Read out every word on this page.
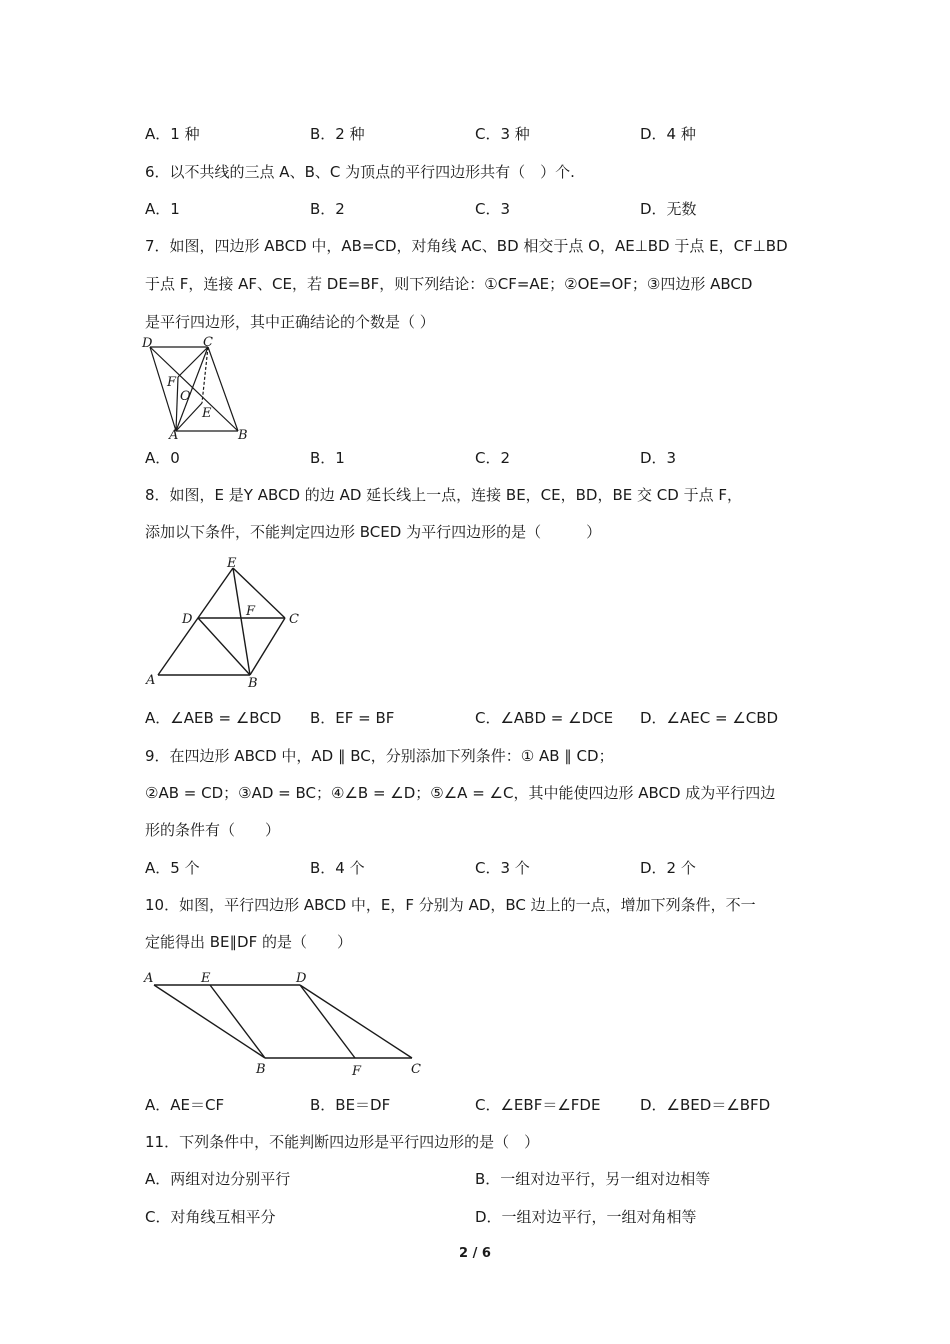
A．1 种	B．2 种	C．3 种	D．4 种
6．以不共线的三点 A、B、C 为顶点的平行四边形共有（　）个.
A．1	B．2	C．3	D．无数
7．如图，四边形 ABCD 中，AB=CD，对角线 AC、BD 相交于点 O，AE⊥BD 于点 E，CF⊥BD
于点 F，连接 AF、CE，若 DE=BF，则下列结论：①CF=AE；②OE=OF；③四边形 ABCD
是平行四边形，其中正确结论的个数是（ ）
D	C
F
O
E
A	B
A．0	B．1	C．2	D．3
8．如图，E 是Y ABCD 的边 AD 延长线上一点，连接 BE，CE，BD，BE 交 CD 于点 F，
添加以下条件，不能判定四边形 BCED 为平行四边形的是（　　　）
E
F
D	C
A	B
A．∠AEB = ∠BCD B．EF = BF	C．∠ABD = ∠DCE D．∠AEC = ∠CBD
9．在四边形 ABCD 中，AD ∥ BC，分别添加下列条件：① AB ∥ CD；
②AB = CD；③AD = BC；④∠B = ∠D；⑤∠A = ∠C，其中能使四边形 ABCD 成为平行四边
形的条件有（　　）
A．5 个	B．4 个	C．3 个	D．2 个
10．如图，平行四边形 ABCD 中，E，F 分别为 AD，BC 边上的一点，增加下列条件，不一
定能得出 BE∥DF 的是（　　）
A	E	D
B	F	C
A．AE＝CF	B．BE＝DF	C．∠EBF＝∠FDE	D．∠BED＝∠BFD
11．下列条件中，不能判断四边形是平行四边形的是（　）
A．两组对边分别平行	B．一组对边平行，另一组对边相等
C．对角线互相平分	D．一组对边平行，一组对角相等
2 / 6
